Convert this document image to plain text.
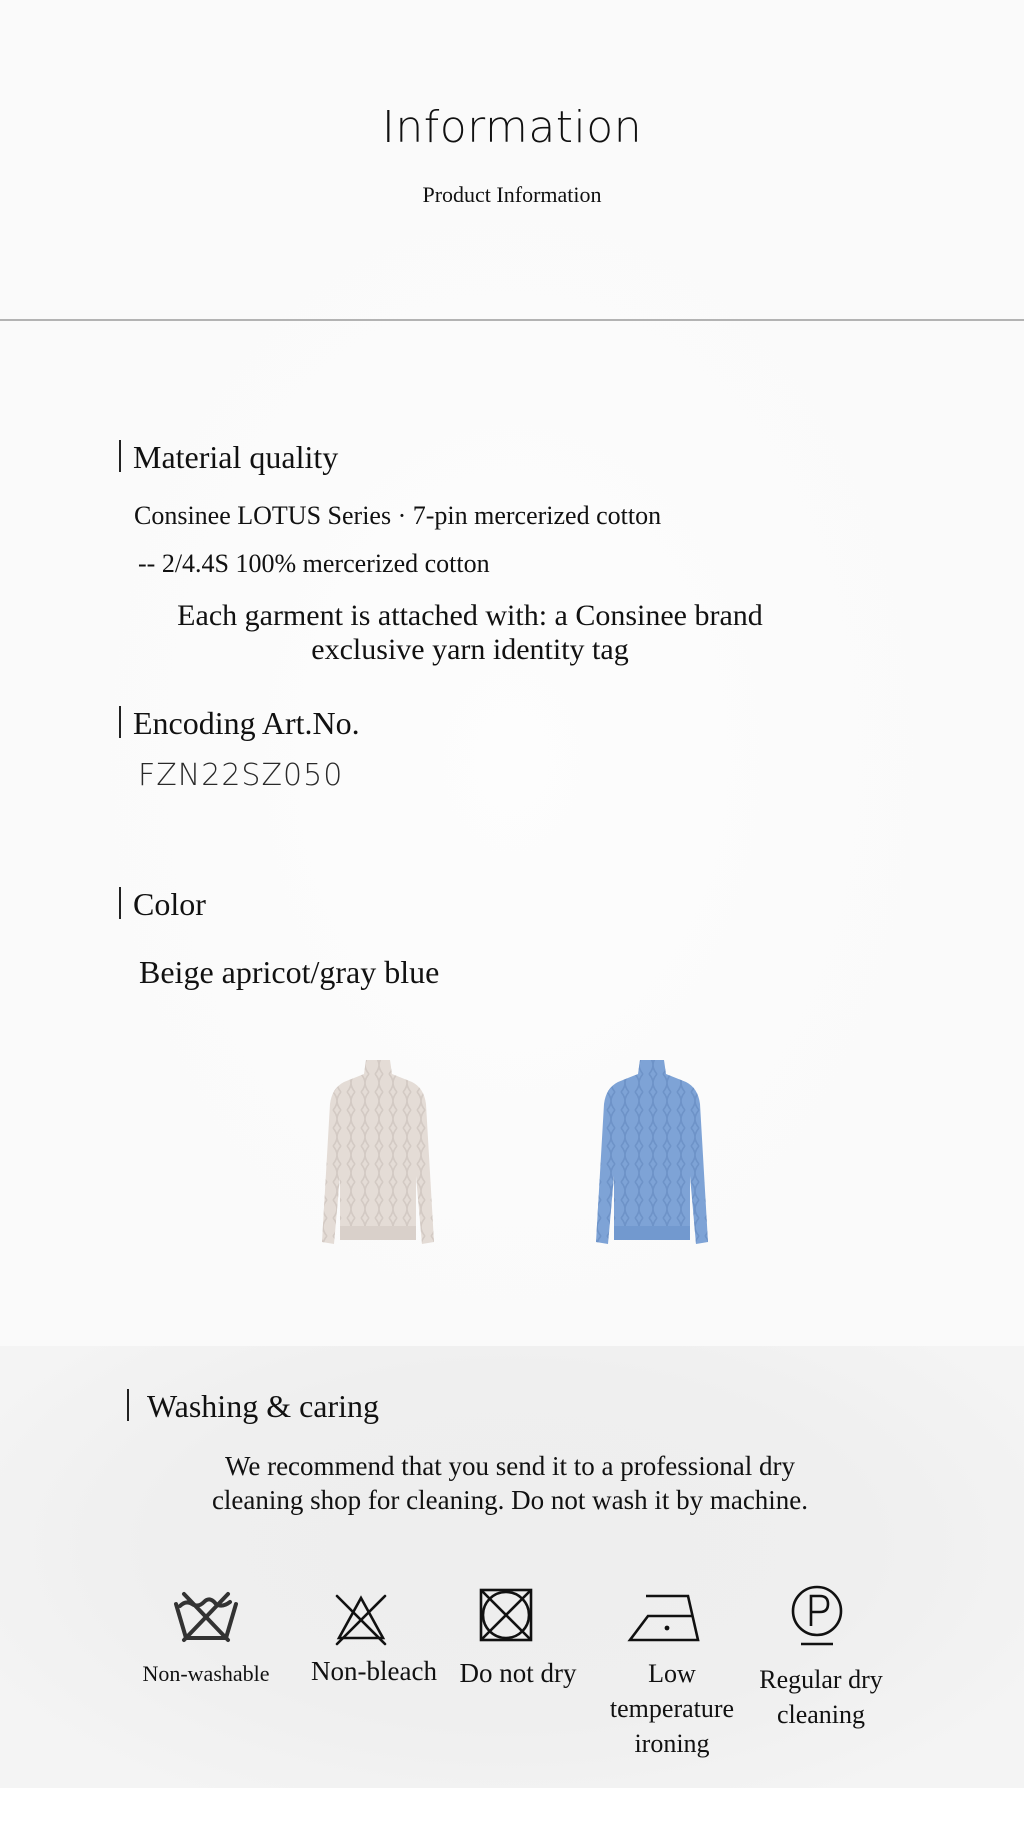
Information
Product Information
Material quality
Consinee LOTUS Series · 7-pin mercerized cotton
-- 2/4.4S 100% mercerized cotton
Each garment is attached with: a Consinee brand
exclusive yarn identity tag
Encoding Art.No.
FZN22SZ050
Color
Beige apricot/gray blue
Washing & caring
We recommend that you send it to a professional dry
cleaning shop for cleaning. Do not wash it by machine.
Non-washable	Non-bleach Do not dry	Low
temperature
ironing
Regular dry
cleaning
